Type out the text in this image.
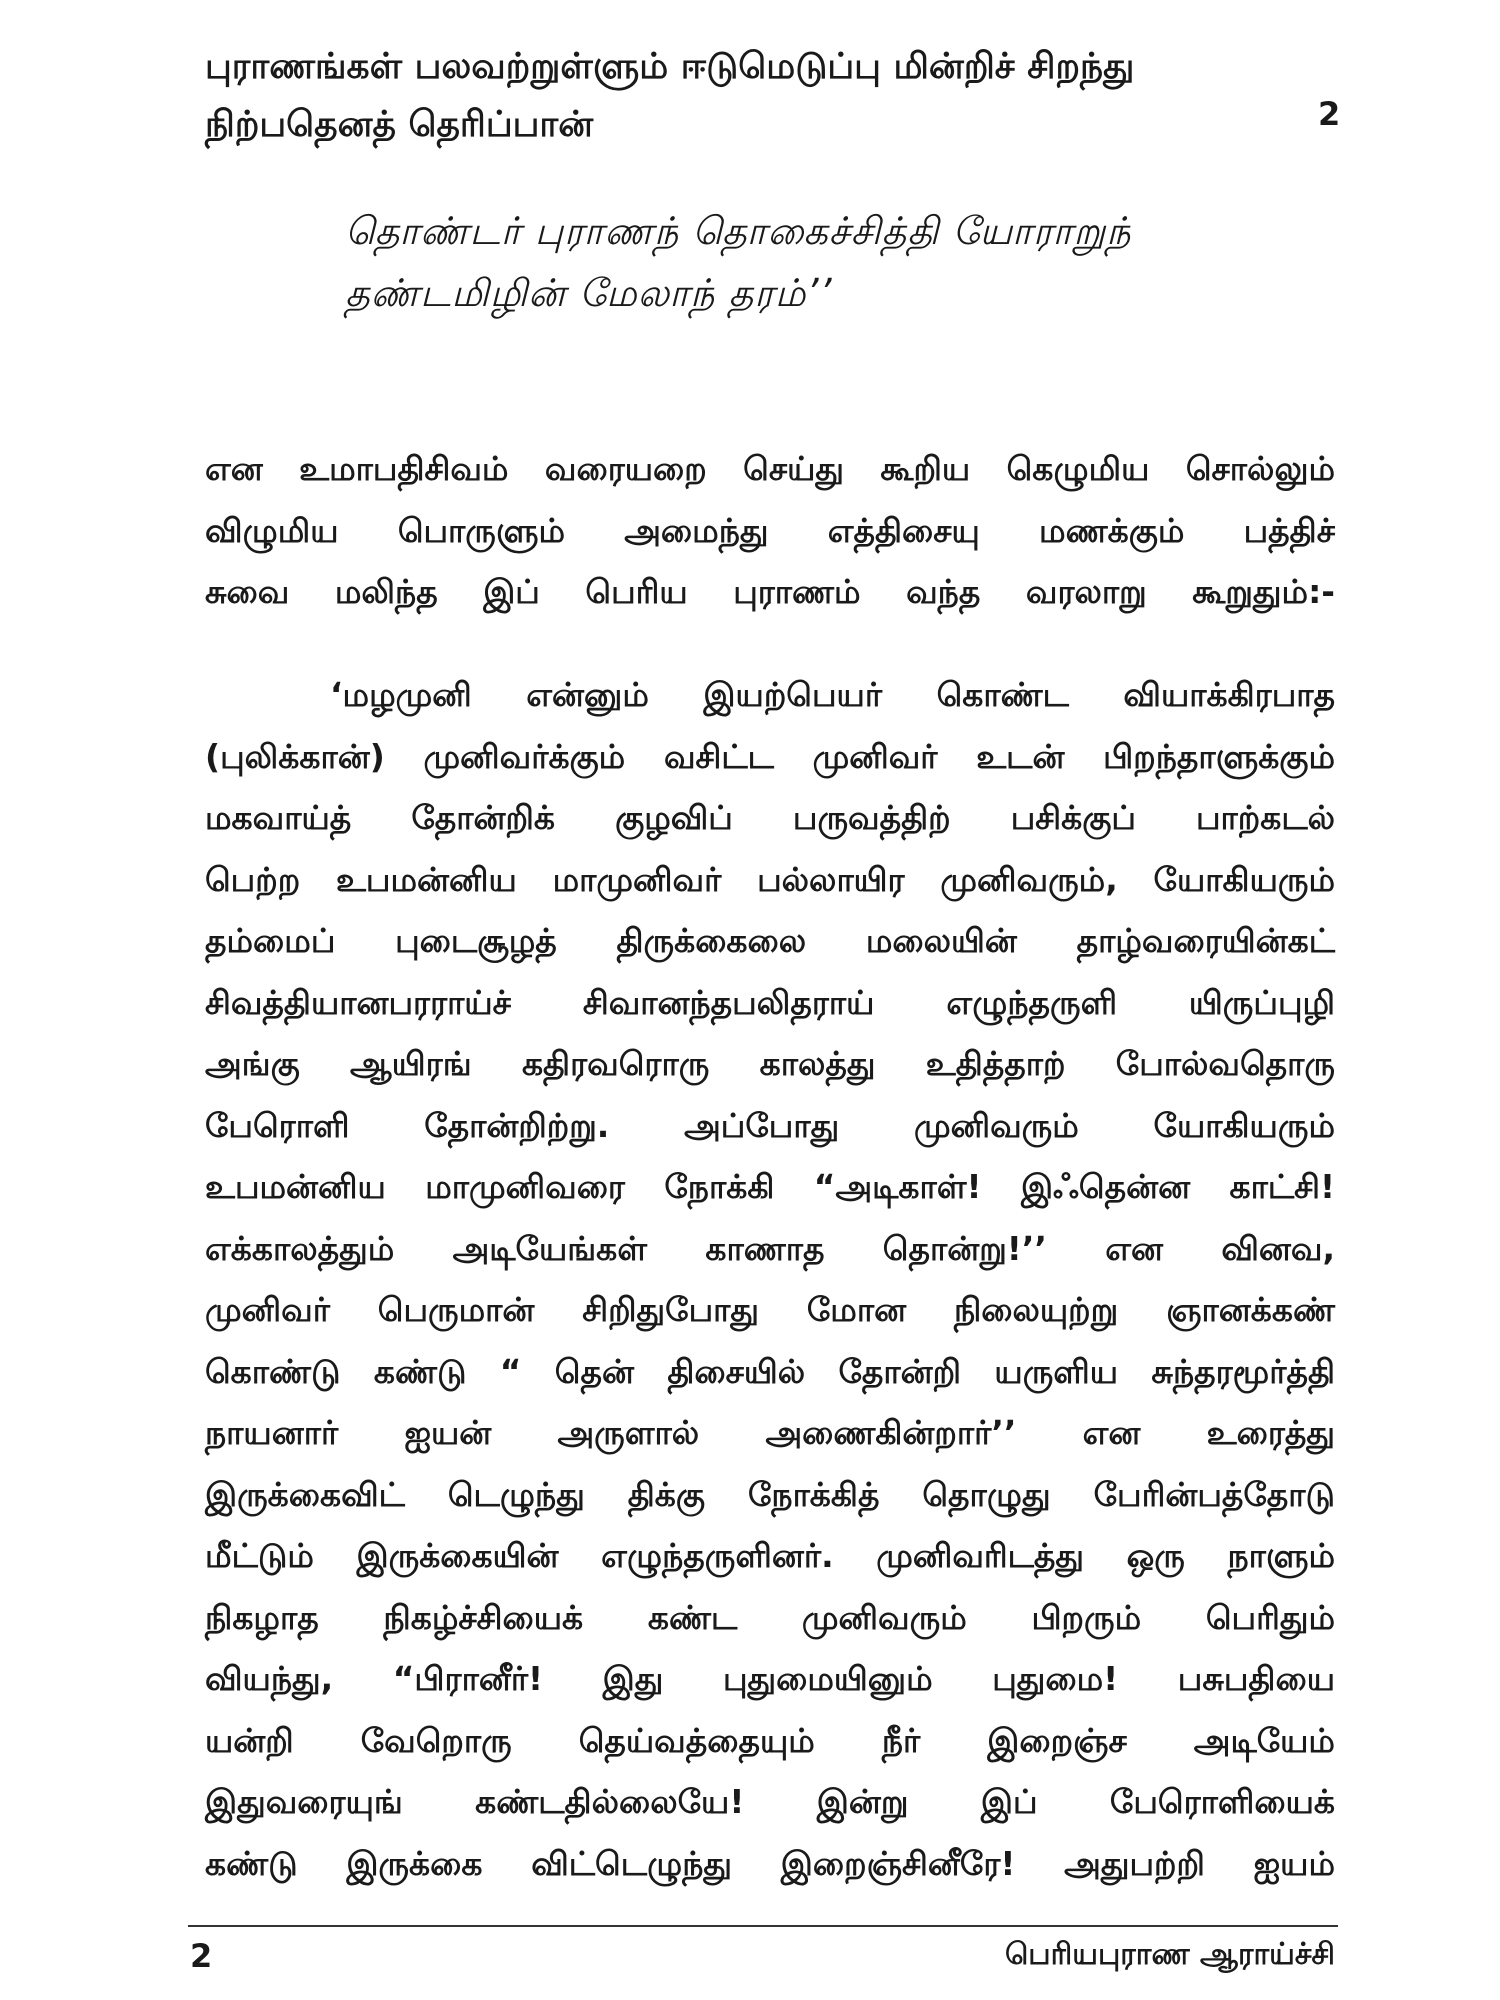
புராணங்கள் பலவற்றுள்ளும் ஈடுமெடுப்பு மின்றிச் சிறந்து
நிற்பதெனத் தெரிப்பான்	2
தொண்டர் புராணந் தொகைச்சித்தி யோராறுந்
தண்டமிழின் மேலாந் தரம்’’
என உமாபதிசிவம் வரையறை செய்து கூறிய கெழுமிய சொல்லும்
விழுமிய பொருளும் அமைந்து எத்திசையு மணக்கும் பத்திச்
சுவை மலிந்த இப் பெரிய புராணம் வந்த வரலாறு கூறுதும்:-
‘மழமுனி என்னும் இயற்பெயர் கொண்ட வியாக்கிரபாத
(புலிக்கான்) முனிவர்க்கும் வசிட்ட முனிவர் உடன் பிறந்தாளுக்கும்
மகவாய்த் தோன்றிக் குழவிப் பருவத்திற் பசிக்குப் பாற்கடல்
பெற்ற உபமன்னிய மாமுனிவர் பல்லாயிர முனிவரும், யோகியரும்
தம்மைப் புடைசூழத் திருக்கைலை மலையின் தாழ்வரையின்கட்
சிவத்தியானபரராய்ச் சிவானந்தபலிதராய் எழுந்தருளி யிருப்புழி
அங்கு ஆயிரங் கதிரவரொரு காலத்து உதித்தாற் போல்வதொரு
பேரொளி தோன்றிற்று. அப்போது முனிவரும் யோகியரும்
உபமன்னிய மாமுனிவரை நோக்கி “அடிகாள்! இஃதென்ன காட்சி!
எக்காலத்தும் அடியேங்கள் காணாத தொன்று!’’ என வினவ,
முனிவர் பெருமான் சிறிதுபோது மோன நிலையுற்று ஞானக்கண்
கொண்டு கண்டு “ தென் திசையில் தோன்றி யருளிய சுந்தரமூர்த்தி
நாயனார் ஐயன் அருளால் அணைகின்றார்’’ என உரைத்து
இருக்கைவிட் டெழுந்து திக்கு நோக்கித் தொழுது பேரின்பத்தோடு
மீட்டும் இருக்கையின் எழுந்தருளினர். முனிவரிடத்து ஒரு நாளும்
நிகழாத நிகழ்ச்சியைக் கண்ட முனிவரும் பிறரும் பெரிதும்
வியந்து, “பிரானீர்! இது புதுமையினும் புதுமை! பசுபதியை
யன்றி வேறொரு தெய்வத்தையும் நீர் இறைஞ்ச அடியேம்
இதுவரையுங் கண்டதில்லையே! இன்று இப் பேரொளியைக்
கண்டு இருக்கை விட்டெழுந்து இறைஞ்சினீரே! அதுபற்றி ஐயம்
2	பெரியபுராண ஆராய்ச்சி
